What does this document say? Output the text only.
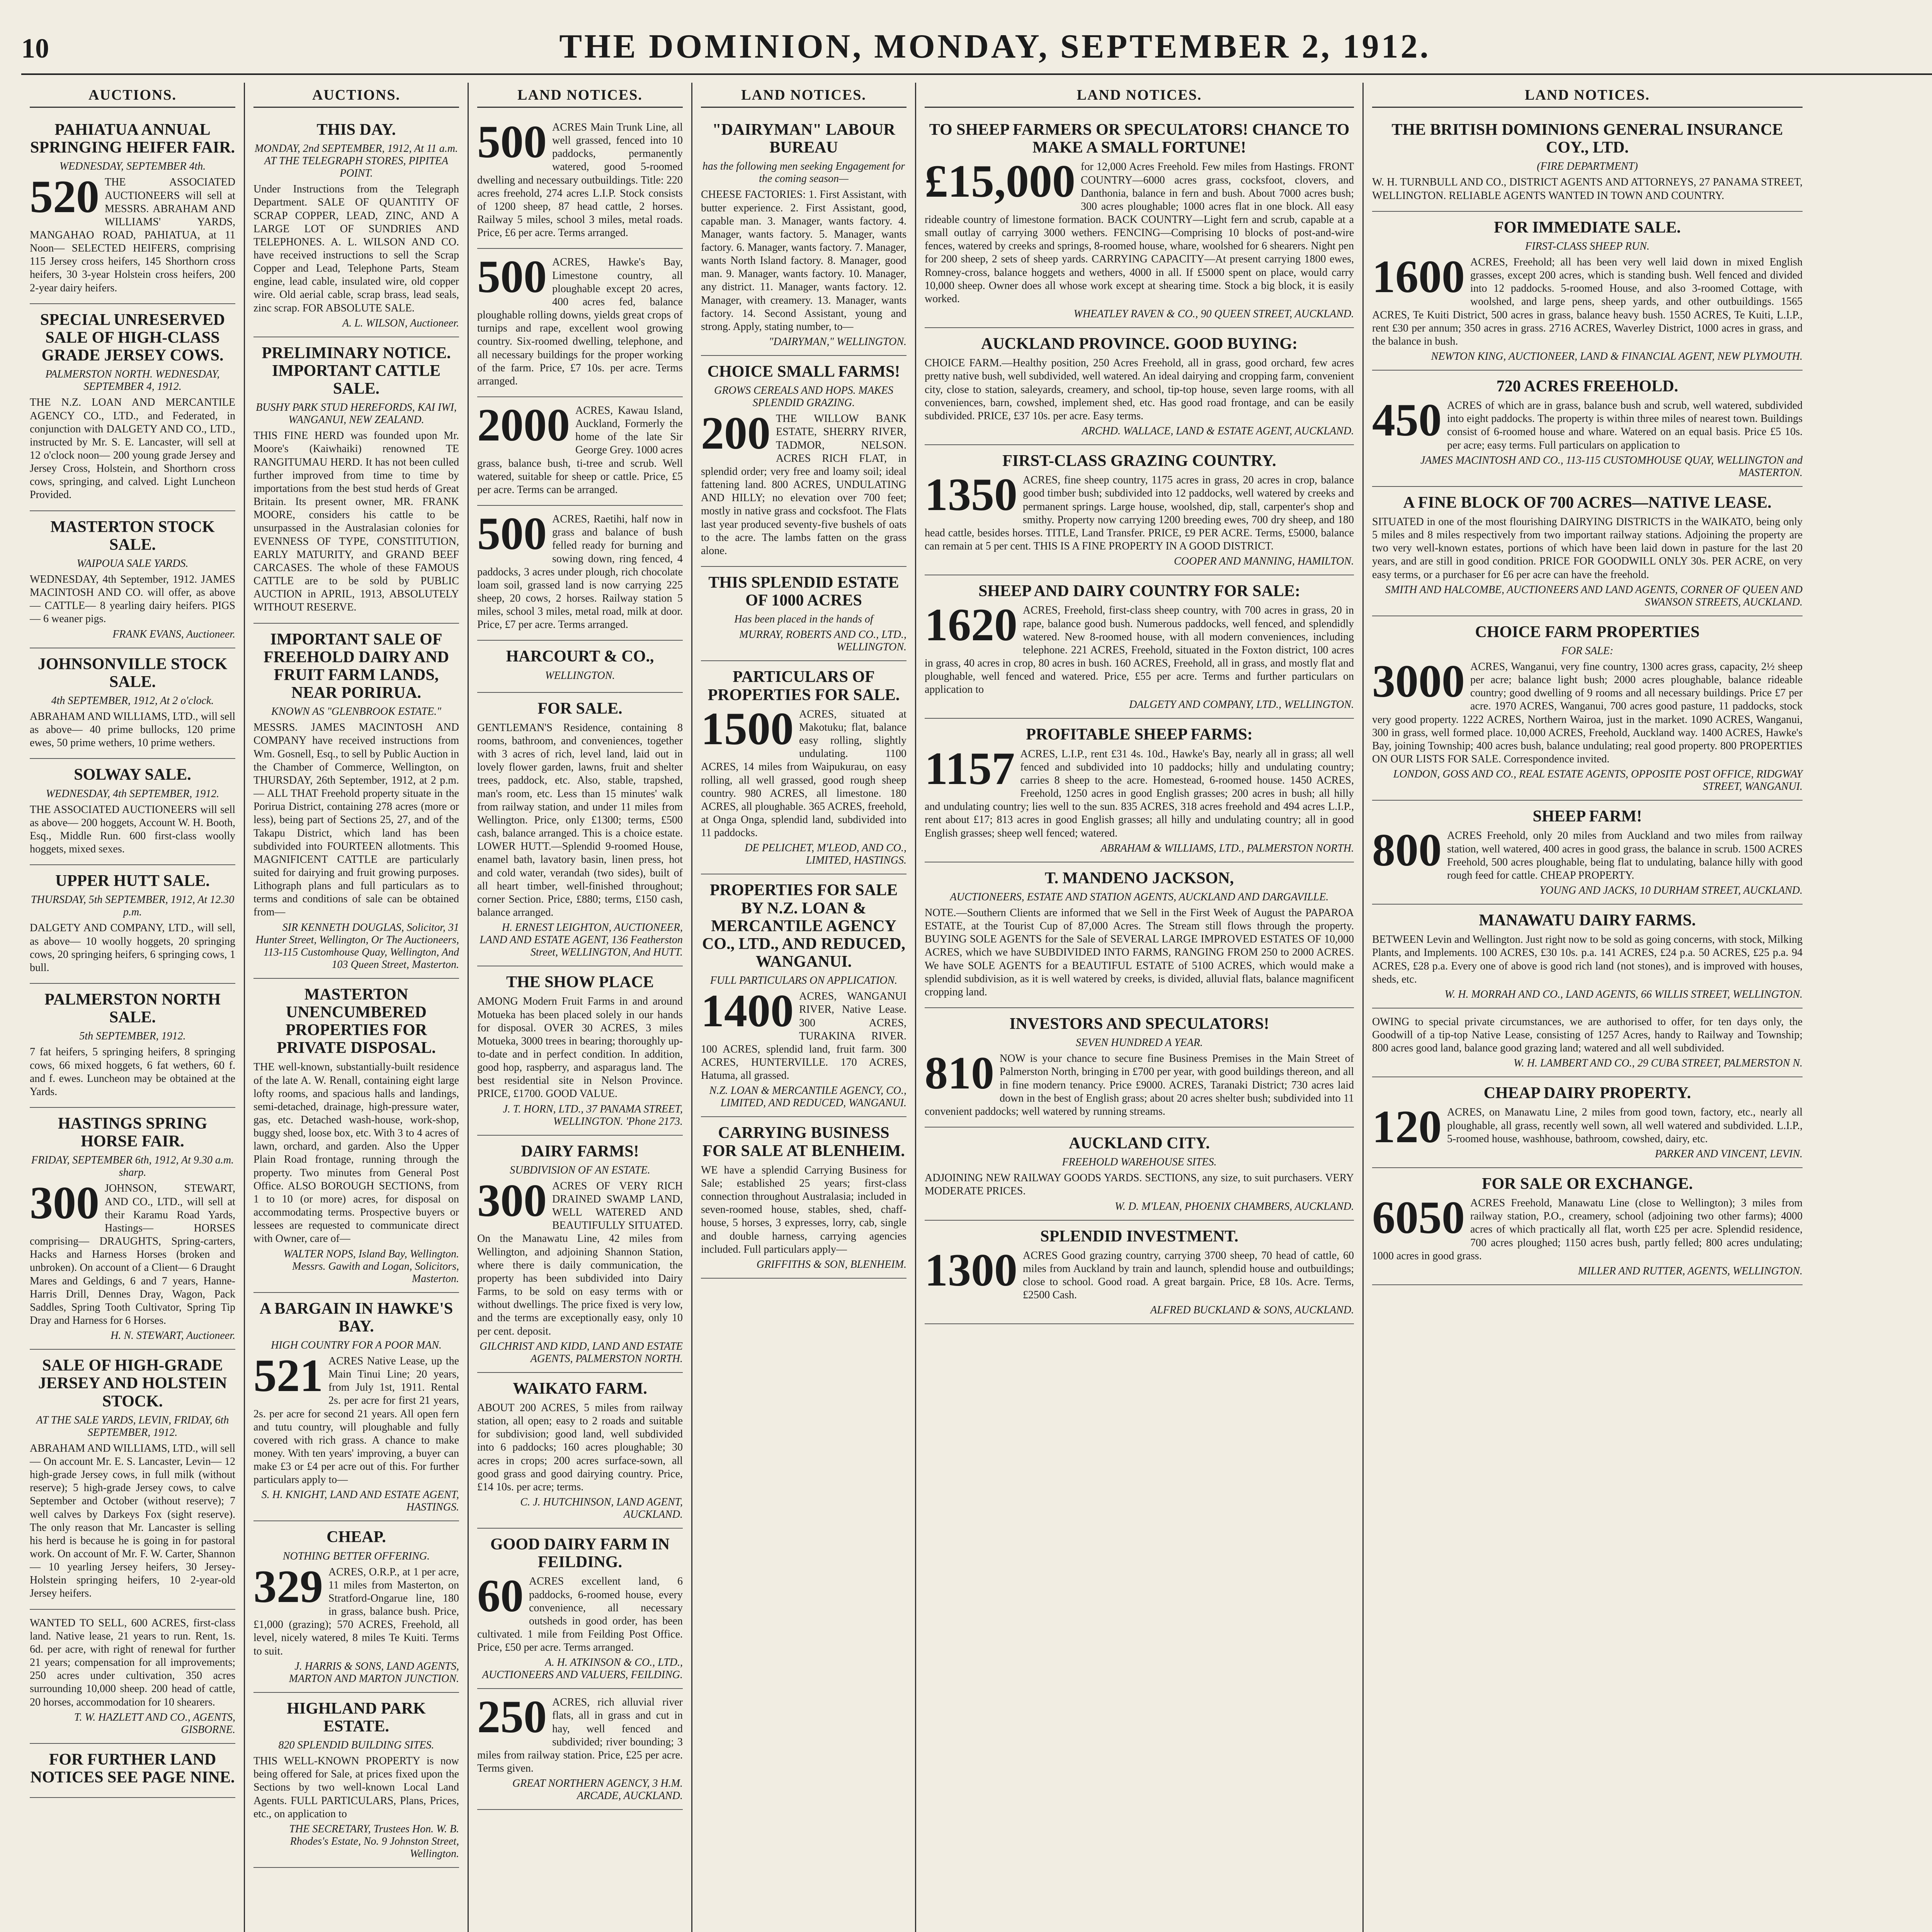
10	THE DOMINION, MONDAY, SEPTEMBER 2, 1912.
AUCTIONS.
PAHIATUA ANNUAL SPRINGING HEIFER FAIR.
WEDNESDAY, SEPTEMBER 4th.

520 THE ASSOCIATED AUCTIONEERS will sell at MESSRS. ABRAHAM AND WILLIAMS' YARDS, MANGAHAO ROAD, PAHIATUA, at 11 Noon— SELECTED HEIFERS, comprising 115 Jersey cross heifers, 145 Shorthorn cross heifers, 30 3-year Holstein cross heifers, 200 2-year dairy heifers.

SPECIAL UNRESERVED SALE OF HIGH-CLASS GRADE JERSEY COWS.
PALMERSTON NORTH. WEDNESDAY, SEPTEMBER 4, 1912.

THE N.Z. LOAN AND MERCANTILE AGENCY CO., LTD., and Federated, in conjunction with DALGETY AND CO., LTD., instructed by Mr. S. E. Lancaster, will sell at 12 o'clock noon— 200 young grade Jersey and Jersey Cross, Holstein, and Shorthorn cross cows, springing, and calved. Light Luncheon Provided.

MASTERTON STOCK SALE.
WAIPOUA SALE YARDS.

WEDNESDAY, 4th September, 1912. JAMES MACINTOSH AND CO. will offer, as above— CATTLE— 8 yearling dairy heifers. PIGS— 6 weaner pigs.

FRANK EVANS, Auctioneer.
JOHNSONVILLE STOCK SALE.
4th SEPTEMBER, 1912, At 2 o'clock.

ABRAHAM AND WILLIAMS, LTD., will sell as above— 40 prime bullocks, 120 prime ewes, 50 prime wethers, 10 prime wethers.

SOLWAY SALE.
WEDNESDAY, 4th SEPTEMBER, 1912.

THE ASSOCIATED AUCTIONEERS will sell as above— 200 hoggets, Account W. H. Booth, Esq., Middle Run. 600 first-class woolly hoggets, mixed sexes.

UPPER HUTT SALE.
THURSDAY, 5th SEPTEMBER, 1912, At 12.30 p.m.

DALGETY AND COMPANY, LTD., will sell, as above— 10 woolly hoggets, 20 springing cows, 20 springing heifers, 6 springing cows, 1 bull.

PALMERSTON NORTH SALE.
5th SEPTEMBER, 1912.

7 fat heifers, 5 springing heifers, 8 springing cows, 66 mixed hoggets, 6 fat wethers, 60 f. and f. ewes. Luncheon may be obtained at the Yards.

HASTINGS SPRING HORSE FAIR.
FRIDAY, SEPTEMBER 6th, 1912, At 9.30 a.m. sharp.

300 JOHNSON, STEWART, AND CO., LTD., will sell at their Karamu Road Yards, Hastings— HORSES comprising— DRAUGHTS, Spring-carters, Hacks and Harness Horses (broken and unbroken). On account of a Client— 6 Draught Mares and Geldings, 6 and 7 years, Hanne-Harris Drill, Dennes Dray, Wagon, Pack Saddles, Spring Tooth Cultivator, Spring Tip Dray and Harness for 6 Horses.

H. N. STEWART, Auctioneer.
SALE OF HIGH-GRADE JERSEY AND HOLSTEIN STOCK.
AT THE SALE YARDS, LEVIN, FRIDAY, 6th SEPTEMBER, 1912.

ABRAHAM AND WILLIAMS, LTD., will sell— On account Mr. E. S. Lancaster, Levin— 12 high-grade Jersey cows, in full milk (without reserve); 5 high-grade Jersey cows, to calve September and October (without reserve); 7 well calves by Darkeys Fox (sight reserve). The only reason that Mr. Lancaster is selling his herd is because he is going in for pastoral work. On account of Mr. F. W. Carter, Shannon— 10 yearling Jersey heifers, 30 Jersey-Holstein springing heifers, 10 2-year-old Jersey heifers.

WANTED TO SELL, 600 ACRES, first-class land. Native lease, 21 years to run. Rent, 1s. 6d. per acre, with right of renewal for further 21 years; compensation for all improvements; 250 acres under cultivation, 350 acres surrounding 10,000 sheep. 200 head of cattle, 20 horses, accommodation for 10 shearers.

T. W. HAZLETT AND CO., AGENTS, GISBORNE.
FOR FURTHER LAND NOTICES SEE PAGE NINE.
AUCTIONS.
THIS DAY.
MONDAY, 2nd SEPTEMBER, 1912, At 11 a.m. AT THE TELEGRAPH STORES, PIPITEA POINT.

Under Instructions from the Telegraph Department. SALE OF QUANTITY OF SCRAP COPPER, LEAD, ZINC, AND A LARGE LOT OF SUNDRIES AND TELEPHONES. A. L. WILSON AND CO. have received instructions to sell the Scrap Copper and Lead, Telephone Parts, Steam engine, lead cable, insulated wire, old copper wire. Old aerial cable, scrap brass, lead seals, zinc scrap. FOR ABSOLUTE SALE.

A. L. WILSON, Auctioneer.
PRELIMINARY NOTICE. IMPORTANT CATTLE SALE.
BUSHY PARK STUD HEREFORDS, KAI IWI, WANGANUI, NEW ZEALAND.

THIS FINE HERD was founded upon Mr. Moore's (Kaiwhaiki) renowned TE RANGITUMAU HERD. It has not been culled further improved from time to time by importations from the best stud herds of Great Britain. Its present owner, MR. FRANK MOORE, considers his cattle to be unsurpassed in the Australasian colonies for EVENNESS OF TYPE, CONSTITUTION, EARLY MATURITY, and GRAND BEEF CARCASES. The whole of these FAMOUS CATTLE are to be sold by PUBLIC AUCTION in APRIL, 1913, ABSOLUTELY WITHOUT RESERVE.

IMPORTANT SALE OF FREEHOLD DAIRY AND FRUIT FARM LANDS, NEAR PORIRUA.
KNOWN AS "GLENBROOK ESTATE."

MESSRS. JAMES MACINTOSH AND COMPANY have received instructions from Wm. Gosnell, Esq., to sell by Public Auction in the Chamber of Commerce, Wellington, on THURSDAY, 26th September, 1912, at 2 p.m.— ALL THAT Freehold property situate in the Porirua District, containing 278 acres (more or less), being part of Sections 25, 27, and of the Takapu District, which land has been subdivided into FOURTEEN allotments. This MAGNIFICENT CATTLE are particularly suited for dairying and fruit growing purposes. Lithograph plans and full particulars as to terms and conditions of sale can be obtained from—

SIR KENNETH DOUGLAS, Solicitor, 31 Hunter Street, Wellington, Or The Auctioneers, 113-115 Customhouse Quay, Wellington, And 103 Queen Street, Masterton.
MASTERTON UNENCUMBERED PROPERTIES FOR PRIVATE DISPOSAL.

THE well-known, substantially-built residence of the late A. W. Renall, containing eight large lofty rooms, and spacious halls and landings, semi-detached, drainage, high-pressure water, gas, etc. Detached wash-house, work-shop, buggy shed, loose box, etc. With 3 to 4 acres of lawn, orchard, and garden. Also the Upper Plain Road frontage, running through the property. Two minutes from General Post Office. ALSO BOROUGH SECTIONS, from 1 to 10 (or more) acres, for disposal on accommodating terms. Prospective buyers or lessees are requested to communicate direct with Owner, care of—

WALTER NOPS, Island Bay, Wellington. Messrs. Gawith and Logan, Solicitors, Masterton.
A BARGAIN IN HAWKE'S BAY.
HIGH COUNTRY FOR A POOR MAN.

521 ACRES Native Lease, up the Main Tinui Line; 20 years, from July 1st, 1911. Rental 2s. per acre for first 21 years, 2s. per acre for second 21 years. All open fern and tutu country, will ploughable and fully covered with rich grass. A chance to make money. With ten years' improving, a buyer can make £3 or £4 per acre out of this. For further particulars apply to—

S. H. KNIGHT, LAND AND ESTATE AGENT, HASTINGS.
CHEAP.
NOTHING BETTER OFFERING.

329 ACRES, O.R.P., at 1 per acre, 11 miles from Masterton, on Stratford-Ongarue line, 180 in grass, balance bush. Price, £1,000 (grazing); 570 ACRES, Freehold, all level, nicely watered, 8 miles Te Kuiti. Terms to suit.

J. HARRIS & SONS, LAND AGENTS, MARTON AND MARTON JUNCTION.
HIGHLAND PARK ESTATE.
820 SPLENDID BUILDING SITES.

THIS WELL-KNOWN PROPERTY is now being offered for Sale, at prices fixed upon the Sections by two well-known Local Land Agents. FULL PARTICULARS, Plans, Prices, etc., on application to

THE SECRETARY, Trustees Hon. W. B. Rhodes's Estate, No. 9 Johnston Street, Wellington.
LAND NOTICES.

500 ACRES Main Trunk Line, all well grassed, fenced into 10 paddocks, permanently watered, good 5-roomed dwelling and necessary outbuildings. Title: 220 acres freehold, 274 acres L.I.P. Stock consists of 1200 sheep, 87 head cattle, 2 horses. Railway 5 miles, school 3 miles, metal roads. Price, £6 per acre. Terms arranged.

500 ACRES, Hawke's Bay, Limestone country, all ploughable except 20 acres, 400 acres fed, balance ploughable rolling downs, yields great crops of turnips and rape, excellent wool growing country. Six-roomed dwelling, telephone, and all necessary buildings for the proper working of the farm. Price, £7 10s. per acre. Terms arranged.

2000 ACRES, Kawau Island, Auckland, Formerly the home of the late Sir George Grey. 1000 acres grass, balance bush, ti-tree and scrub. Well watered, suitable for sheep or cattle. Price, £5 per acre. Terms can be arranged.

500 ACRES, Raetihi, half now in grass and balance of bush felled ready for burning and sowing down, ring fenced, 4 paddocks, 3 acres under plough, rich chocolate loam soil, grassed land is now carrying 225 sheep, 20 cows, 2 horses. Railway station 5 miles, school 3 miles, metal road, milk at door. Price, £7 per acre. Terms arranged.

HARCOURT & CO.,
WELLINGTON.
FOR SALE.

GENTLEMAN'S Residence, containing 8 rooms, bathroom, and conveniences, together with 3 acres of rich, level land, laid out in lovely flower garden, lawns, fruit and shelter trees, paddock, etc. Also, stable, trapshed, man's room, etc. Less than 15 minutes' walk from railway station, and under 11 miles from Wellington. Price, only £1300; terms, £500 cash, balance arranged. This is a choice estate. LOWER HUTT.—Splendid 9-roomed House, enamel bath, lavatory basin, linen press, hot and cold water, verandah (two sides), built of all heart timber, well-finished throughout; corner Section. Price, £880; terms, £150 cash, balance arranged.

H. ERNEST LEIGHTON, AUCTIONEER, LAND AND ESTATE AGENT, 136 Featherston Street, WELLINGTON, And HUTT.
THE SHOW PLACE

AMONG Modern Fruit Farms in and around Motueka has been placed solely in our hands for disposal. OVER 30 ACRES, 3 miles Motueka, 3000 trees in bearing; thoroughly up-to-date and in perfect condition. In addition, good hop, raspberry, and asparagus land. The best residential site in Nelson Province. PRICE, £1700. GOOD VALUE.

J. T. HORN, LTD., 37 PANAMA STREET, WELLINGTON. 'Phone 2173.
DAIRY FARMS!
SUBDIVISION OF AN ESTATE.

300 ACRES OF VERY RICH DRAINED SWAMP LAND, WELL WATERED AND BEAUTIFULLY SITUATED. On the Manawatu Line, 42 miles from Wellington, and adjoining Shannon Station, where there is daily communication, the property has been subdivided into Dairy Farms, to be sold on easy terms with or without dwellings. The price fixed is very low, and the terms are exceptionally easy, only 10 per cent. deposit.

GILCHRIST AND KIDD, LAND AND ESTATE AGENTS, PALMERSTON NORTH.
WAIKATO FARM.

ABOUT 200 ACRES, 5 miles from railway station, all open; easy to 2 roads and suitable for subdivision; good land, well subdivided into 6 paddocks; 160 acres ploughable; 30 acres in crops; 200 acres surface-sown, all good grass and good dairying country. Price, £14 10s. per acre; terms.

C. J. HUTCHINSON, LAND AGENT, AUCKLAND.
GOOD DAIRY FARM IN FEILDING.

60 ACRES excellent land, 6 paddocks, 6-roomed house, every convenience, all necessary outsheds in good order, has been cultivated. 1 mile from Feilding Post Office. Price, £50 per acre. Terms arranged.

A. H. ATKINSON & CO., LTD., AUCTIONEERS AND VALUERS, FEILDING.

250 ACRES, rich alluvial river flats, all in grass and cut in hay, well fenced and subdivided; river bounding; 3 miles from railway station. Price, £25 per acre. Terms given.

GREAT NORTHERN AGENCY, 3 H.M. ARCADE, AUCKLAND.
LAND NOTICES.
"DAIRYMAN" LABOUR BUREAU
has the following men seeking Engagement for the coming season—

CHEESE FACTORIES: 1. First Assistant, with butter experience. 2. First Assistant, good, capable man. 3. Manager, wants factory. 4. Manager, wants factory. 5. Manager, wants factory. 6. Manager, wants factory. 7. Manager, wants North Island factory. 8. Manager, good man. 9. Manager, wants factory. 10. Manager, any district. 11. Manager, wants factory. 12. Manager, with creamery. 13. Manager, wants factory. 14. Second Assistant, young and strong. Apply, stating number, to—

"DAIRYMAN," WELLINGTON.
CHOICE SMALL FARMS!
GROWS CEREALS AND HOPS. MAKES SPLENDID GRAZING.

200 THE WILLOW BANK ESTATE, SHERRY RIVER, TADMOR, NELSON. ACRES RICH FLAT, in splendid order; very free and loamy soil; ideal fattening land. 800 ACRES, UNDULATING AND HILLY; no elevation over 700 feet; mostly in native grass and cocksfoot. The Flats last year produced seventy-five bushels of oats to the acre. The lambs fatten on the grass alone.

THIS SPLENDID ESTATE OF 1000 ACRES
Has been placed in the hands of
MURRAY, ROBERTS AND CO., LTD., WELLINGTON.
PARTICULARS OF PROPERTIES FOR SALE.

1500 ACRES, situated at Makotuku; flat, balance easy rolling, slightly undulating. 1100 ACRES, 14 miles from Waipukurau, on easy rolling, all well grassed, good rough sheep country. 980 ACRES, all limestone. 180 ACRES, all ploughable. 365 ACRES, freehold, at Onga Onga, splendid land, subdivided into 11 paddocks.

DE PELICHET, M'LEOD, AND CO., LIMITED, HASTINGS.
PROPERTIES FOR SALE BY N.Z. LOAN & MERCANTILE AGENCY CO., LTD., AND REDUCED, WANGANUI.
FULL PARTICULARS ON APPLICATION.

1400 ACRES, WANGANUI RIVER, Native Lease. 300 ACRES, TURAKINA RIVER. 100 ACRES, splendid land, fruit farm. 300 ACRES, HUNTERVILLE. 170 ACRES, Hatuma, all grassed.

N.Z. LOAN & MERCANTILE AGENCY, CO., LIMITED, AND REDUCED, WANGANUI.
CARRYING BUSINESS FOR SALE AT BLENHEIM.

WE have a splendid Carrying Business for Sale; established 25 years; first-class connection throughout Australasia; included in seven-roomed house, stables, shed, chaff-house, 5 horses, 3 expresses, lorry, cab, single and double harness, carrying agencies included. Full particulars apply—

GRIFFITHS & SON, BLENHEIM.
LAND NOTICES.
TO SHEEP FARMERS OR SPECULATORS! CHANCE TO MAKE A SMALL FORTUNE!

£15,000 for 12,000 Acres Freehold. Few miles from Hastings. FRONT COUNTRY—6000 acres grass, cocksfoot, clovers, and Danthonia, balance in fern and bush. About 7000 acres bush; 300 acres ploughable; 1000 acres flat in one block. All easy rideable country of limestone formation. BACK COUNTRY—Light fern and scrub, capable at a small outlay of carrying 3000 wethers. FENCING—Comprising 10 blocks of post-and-wire fences, watered by creeks and springs, 8-roomed house, whare, woolshed for 6 shearers. Night pen for 200 sheep, 2 sets of sheep yards. CARRYING CAPACITY—At present carrying 1800 ewes, Romney-cross, balance hoggets and wethers, 4000 in all. If £5000 spent on place, would carry 10,000 sheep. Owner does all whose work except at shearing time. Stock a big block, it is easily worked.

WHEATLEY RAVEN & CO., 90 QUEEN STREET, AUCKLAND.
AUCKLAND PROVINCE. GOOD BUYING:

CHOICE FARM.—Healthy position, 250 Acres Freehold, all in grass, good orchard, few acres pretty native bush, well subdivided, well watered. An ideal dairying and cropping farm, convenient city, close to station, saleyards, creamery, and school, tip-top house, seven large rooms, with all conveniences, barn, cowshed, implement shed, etc. Has good road frontage, and can be easily subdivided. PRICE, £37 10s. per acre. Easy terms.

ARCHD. WALLACE, LAND & ESTATE AGENT, AUCKLAND.
FIRST-CLASS GRAZING COUNTRY.

1350 ACRES, fine sheep country, 1175 acres in grass, 20 acres in crop, balance good timber bush; subdivided into 12 paddocks, well watered by creeks and permanent springs. Large house, woolshed, dip, stall, carpenter's shop and smithy. Property now carrying 1200 breeding ewes, 700 dry sheep, and 180 head cattle, besides horses. TITLE, Land Transfer. PRICE, £9 PER ACRE. Terms, £5000, balance can remain at 5 per cent. THIS IS A FINE PROPERTY IN A GOOD DISTRICT.

COOPER AND MANNING, HAMILTON.
SHEEP AND DAIRY COUNTRY FOR SALE:

1620 ACRES, Freehold, first-class sheep country, with 700 acres in grass, 20 in rape, balance good bush. Numerous paddocks, well fenced, and splendidly watered. New 8-roomed house, with all modern conveniences, including telephone. 221 ACRES, Freehold, situated in the Foxton district, 100 acres in grass, 40 acres in crop, 80 acres in bush. 160 ACRES, Freehold, all in grass, and mostly flat and ploughable, well fenced and watered. Price, £55 per acre. Terms and further particulars on application to

DALGETY AND COMPANY, LTD., WELLINGTON.
PROFITABLE SHEEP FARMS:

1157 ACRES, L.I.P., rent £31 4s. 10d., Hawke's Bay, nearly all in grass; all well fenced and subdivided into 10 paddocks; hilly and undulating country; carries 8 sheep to the acre. Homestead, 6-roomed house. 1450 ACRES, Freehold, 1250 acres in good English grasses; 200 acres in bush; all hilly and undulating country; lies well to the sun. 835 ACRES, 318 acres freehold and 494 acres L.I.P., rent about £17; 813 acres in good English grasses; all hilly and undulating country; all in good English grasses; sheep well fenced; watered.

ABRAHAM & WILLIAMS, LTD., PALMERSTON NORTH.
T. MANDENO JACKSON,
AUCTIONEERS, ESTATE AND STATION AGENTS, AUCKLAND AND DARGAVILLE.

NOTE.—Southern Clients are informed that we Sell in the First Week of August the PAPAROA ESTATE, at the Tourist Cup of 87,000 Acres. The Stream still flows through the property. BUYING SOLE AGENTS for the Sale of SEVERAL LARGE IMPROVED ESTATES OF 10,000 ACRES, which we have SUBDIVIDED INTO FARMS, RANGING FROM 250 to 2000 ACRES. We have SOLE AGENTS for a BEAUTIFUL ESTATE of 5100 ACRES, which would make a splendid subdivision, as it is well watered by creeks, is divided, alluvial flats, balance magnificent cropping land.

INVESTORS AND SPECULATORS!
SEVEN HUNDRED A YEAR.

810 NOW is your chance to secure fine Business Premises in the Main Street of Palmerston North, bringing in £700 per year, with good buildings thereon, and all in fine modern tenancy. Price £9000. ACRES, Taranaki District; 730 acres laid down in the best of English grass; about 20 acres shelter bush; subdivided into 11 convenient paddocks; well watered by running streams.

AUCKLAND CITY.
FREEHOLD WAREHOUSE SITES.

ADJOINING NEW RAILWAY GOODS YARDS. SECTIONS, any size, to suit purchasers. VERY MODERATE PRICES.

W. D. M'LEAN, PHOENIX CHAMBERS, AUCKLAND.
SPLENDID INVESTMENT.

1300 ACRES Good grazing country, carrying 3700 sheep, 70 head of cattle, 60 miles from Auckland by train and launch, splendid house and outbuildings; close to school. Good road. A great bargain. Price, £8 10s. Acre. Terms, £2500 Cash.

ALFRED BUCKLAND & SONS, AUCKLAND.
LAND NOTICES.
THE BRITISH DOMINIONS GENERAL INSURANCE COY., LTD.
(FIRE DEPARTMENT)

W. H. TURNBULL AND CO., DISTRICT AGENTS AND ATTORNEYS, 27 PANAMA STREET, WELLINGTON. RELIABLE AGENTS WANTED IN TOWN AND COUNTRY.

FOR IMMEDIATE SALE.
FIRST-CLASS SHEEP RUN.

1600 ACRES, Freehold; all has been very well laid down in mixed English grasses, except 200 acres, which is standing bush. Well fenced and divided into 12 paddocks. 5-roomed House, and also 3-roomed Cottage, with woolshed, and large pens, sheep yards, and other outbuildings. 1565 ACRES, Te Kuiti District, 500 acres in grass, balance heavy bush. 1550 ACRES, Te Kuiti, L.I.P., rent £30 per annum; 350 acres in grass. 2716 ACRES, Waverley District, 1000 acres in grass, and the balance in bush.

NEWTON KING, AUCTIONEER, LAND & FINANCIAL AGENT, NEW PLYMOUTH.
720 ACRES FREEHOLD.

450 ACRES of which are in grass, balance bush and scrub, well watered, subdivided into eight paddocks. The property is within three miles of nearest town. Buildings consist of 6-roomed house and whare. Watered on an equal basis. Price £5 10s. per acre; easy terms. Full particulars on application to

JAMES MACINTOSH AND CO., 113-115 CUSTOMHOUSE QUAY, WELLINGTON and MASTERTON.
A FINE BLOCK OF 700 ACRES—NATIVE LEASE.

SITUATED in one of the most flourishing DAIRYING DISTRICTS in the WAIKATO, being only 5 miles and 8 miles respectively from two important railway stations. Adjoining the property are two very well-known estates, portions of which have been laid down in pasture for the last 20 years, and are still in good condition. PRICE FOR GOODWILL ONLY 30s. PER ACRE, on very easy terms, or a purchaser for £6 per acre can have the freehold.

SMITH AND HALCOMBE, AUCTIONEERS AND LAND AGENTS, CORNER OF QUEEN AND SWANSON STREETS, AUCKLAND.
CHOICE FARM PROPERTIES
FOR SALE:

3000 ACRES, Wanganui, very fine country, 1300 acres grass, capacity, 2½ sheep per acre; balance light bush; 2000 acres ploughable, balance rideable country; good dwelling of 9 rooms and all necessary buildings. Price £7 per acre. 1970 ACRES, Wanganui, 700 acres good pasture, 11 paddocks, stock very good property. 1222 ACRES, Northern Wairoa, just in the market. 1090 ACRES, Wanganui, 300 in grass, well formed place. 10,000 ACRES, Freehold, Auckland way. 1400 ACRES, Hawke's Bay, joining Township; 400 acres bush, balance undulating; real good property. 800 PROPERTIES ON OUR LISTS FOR SALE. Correspondence invited.

LONDON, GOSS AND CO., REAL ESTATE AGENTS, OPPOSITE POST OFFICE, RIDGWAY STREET, WANGANUI.
SHEEP FARM!

800 ACRES Freehold, only 20 miles from Auckland and two miles from railway station, well watered, 400 acres in good grass, the balance in scrub. 1500 ACRES Freehold, 500 acres ploughable, being flat to undulating, balance hilly with good rough feed for cattle. CHEAP PROPERTY.

YOUNG AND JACKS, 10 DURHAM STREET, AUCKLAND.
MANAWATU DAIRY FARMS.

BETWEEN Levin and Wellington. Just right now to be sold as going concerns, with stock, Milking Plants, and Implements. 100 ACRES, £30 10s. p.a. 141 ACRES, £24 p.a. 50 ACRES, £25 p.a. 94 ACRES, £28 p.a. Every one of above is good rich land (not stones), and is improved with houses, sheds, etc.

W. H. MORRAH AND CO., LAND AGENTS, 66 WILLIS STREET, WELLINGTON.

OWING to special private circumstances, we are authorised to offer, for ten days only, the Goodwill of a tip-top Native Lease, consisting of 1257 Acres, handy to Railway and Township; 800 acres good land, balance good grazing land; watered and all well subdivided.

W. H. LAMBERT AND CO., 29 CUBA STREET, PALMERSTON N.
CHEAP DAIRY PROPERTY.

120 ACRES, on Manawatu Line, 2 miles from good town, factory, etc., nearly all ploughable, all grass, recently well sown, all well watered and subdivided. L.I.P., 5-roomed house, washhouse, bathroom, cowshed, dairy, etc.

PARKER AND VINCENT, LEVIN.
FOR SALE OR EXCHANGE.

6050 ACRES Freehold, Manawatu Line (close to Wellington); 3 miles from railway station, P.O., creamery, school (adjoining two other farms); 4000 acres of which practically all flat, worth £25 per acre. Splendid residence, 700 acres ploughed; 1150 acres bush, partly felled; 800 acres undulating; 1000 acres in good grass.

MILLER AND RUTTER, AGENTS, WELLINGTON.
